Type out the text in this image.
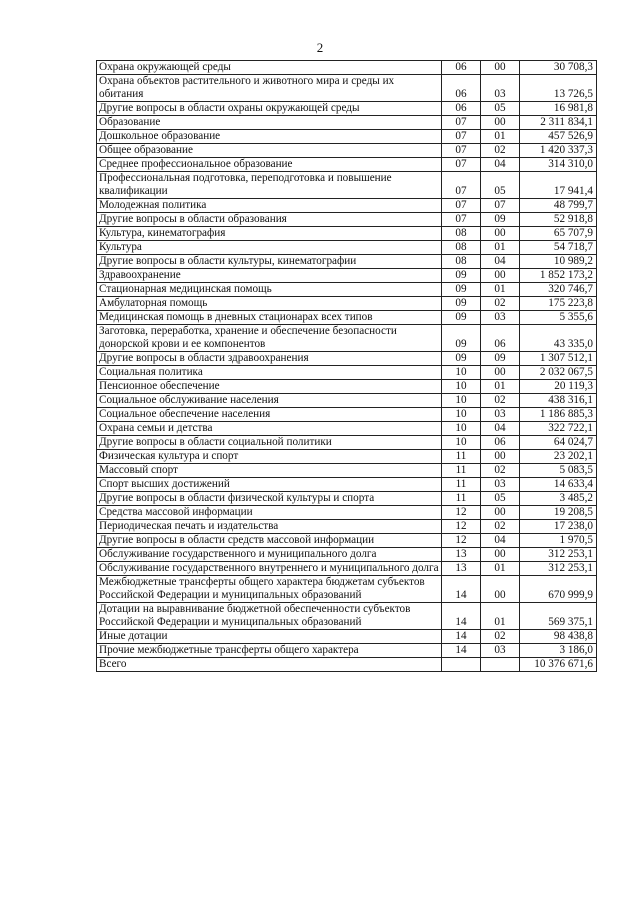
2
Охрана окружающей среды	06	00	30 708,3
Охрана объектов растительного и животного мира и среды их обитания	06	03	13 726,5
Другие вопросы в области охраны окружающей среды	06	05	16 981,8
Образование	07	00	2 311 834,1
Дошкольное образование	07	01	457 526,9
Общее образование	07	02	1 420 337,3
Среднее профессиональное образование	07	04	314 310,0
Профессиональная подготовка, переподготовка и повышение квалификации	07	05	17 941,4
Молодежная политика	07	07	48 799,7
Другие вопросы в области образования	07	09	52 918,8
Культура, кинематография	08	00	65 707,9
Культура	08	01	54 718,7
Другие вопросы в области культуры, кинематографии	08	04	10 989,2
Здравоохранение	09	00	1 852 173,2
Стационарная медицинская помощь	09	01	320 746,7
Амбулаторная помощь	09	02	175 223,8
Медицинская помощь в дневных стационарах всех типов	09	03	5 355,6
Заготовка, переработка, хранение и обеспечение безопасности донорской крови и ее компонентов	09	06	43 335,0
Другие вопросы в области здравоохранения	09	09	1 307 512,1
Социальная политика	10	00	2 032 067,5
Пенсионное обеспечение	10	01	20 119,3
Социальное обслуживание населения	10	02	438 316,1
Социальное обеспечение населения	10	03	1 186 885,3
Охрана семьи и детства	10	04	322 722,1
Другие вопросы в области социальной политики	10	06	64 024,7
Физическая культура и спорт	11	00	23 202,1
Массовый спорт	11	02	5 083,5
Спорт высших достижений	11	03	14 633,4
Другие вопросы в области физической культуры и спорта	11	05	3 485,2
Средства массовой информации	12	00	19 208,5
Периодическая печать и издательства	12	02	17 238,0
Другие вопросы в области средств массовой информации	12	04	1 970,5
Обслуживание государственного и муниципального долга	13	00	312 253,1
Обслуживание государственного внутреннего и муниципального долга	13	01	312 253,1
Межбюджетные трансферты общего характера бюджетам субъектов Российской Федерации и муниципальных образований	14	00	670 999,9
Дотации на выравнивание бюджетной обеспеченности субъектов Российской Федерации и муниципальных образований	14	01	569 375,1
Иные дотации	14	02	98 438,8
Прочие межбюджетные трансферты общего характера	14	03	3 186,0
Всего			10 376 671,6
